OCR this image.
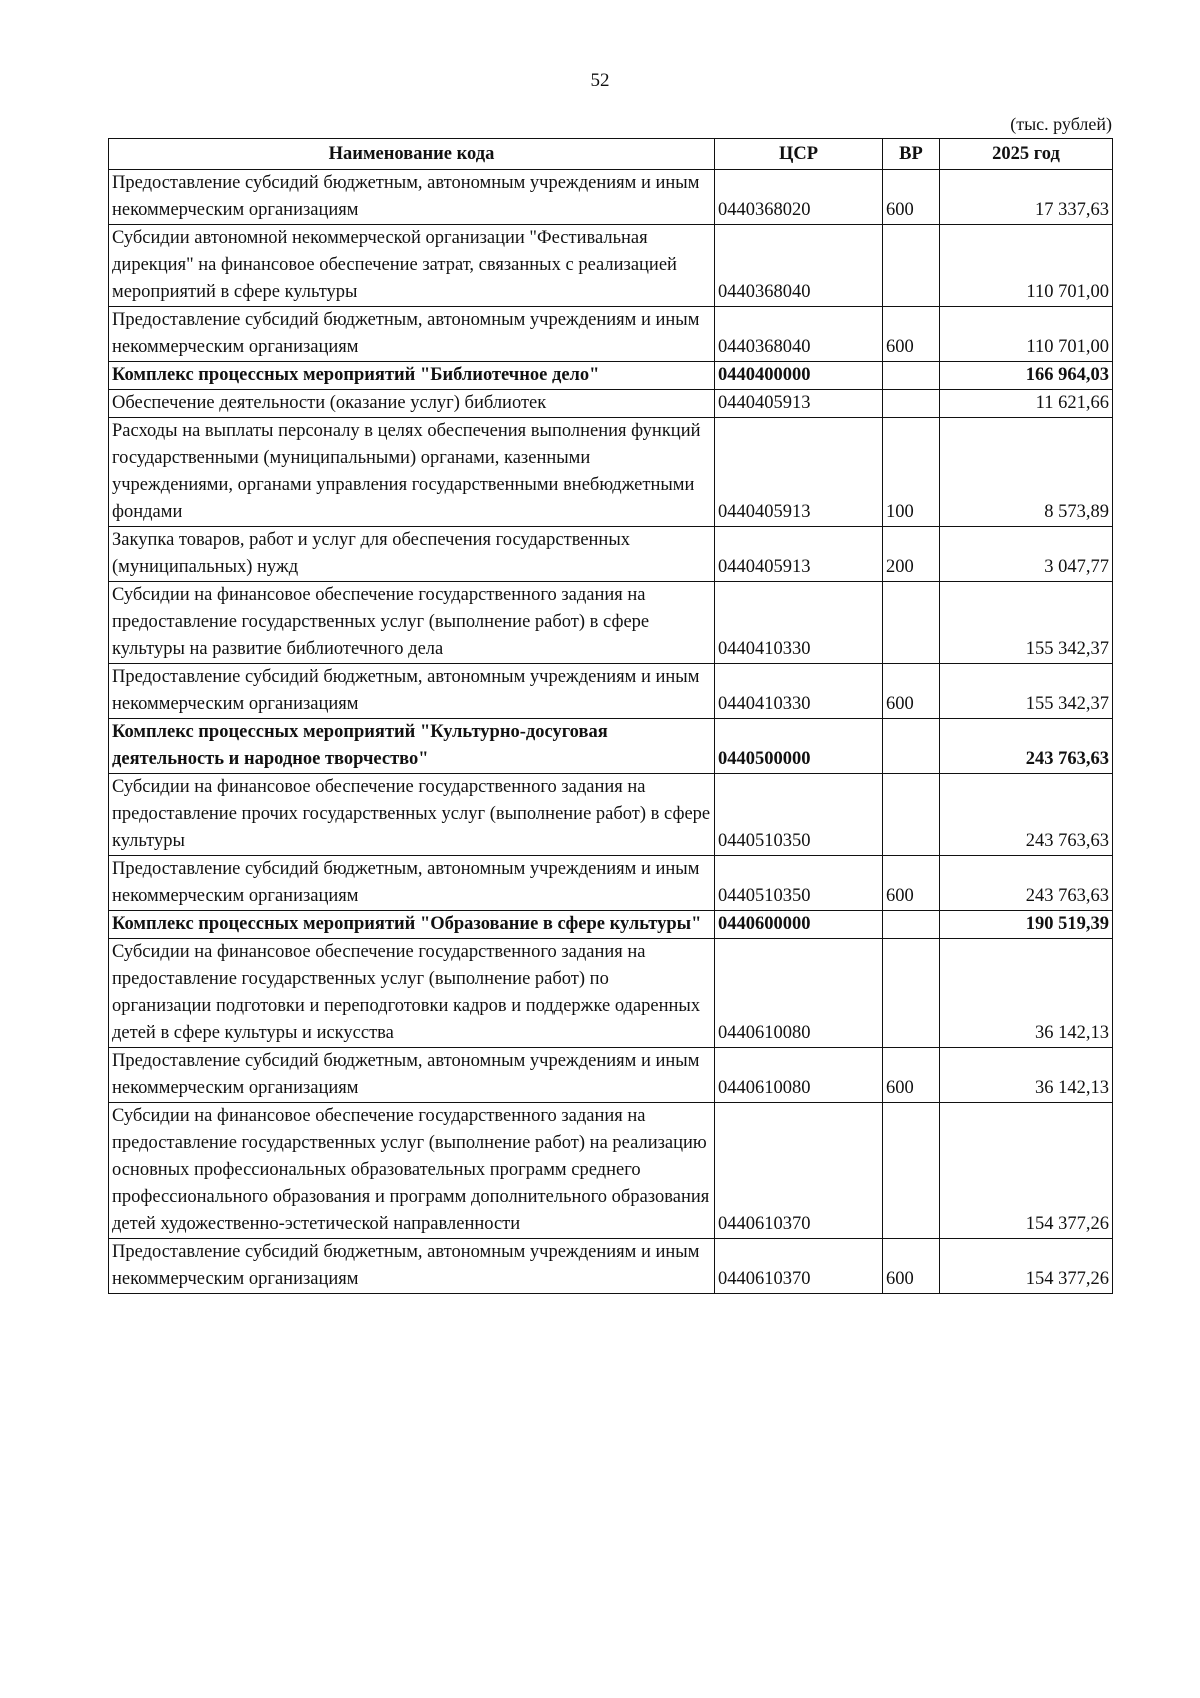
52
(тыс. рублей)
Наименование кода	ЦСР	ВР	2025 год
Предоставление субсидий бюджетным, автономным учреждениям и иным некоммерческим организациям	0440368020	600	17 337,63
Субсидии автономной некоммерческой организации "Фестивальная дирекция" на финансовое обеспечение затрат, связанных с реализацией мероприятий в сфере культуры	0440368040		110 701,00
Предоставление субсидий бюджетным, автономным учреждениям и иным некоммерческим организациям	0440368040	600	110 701,00
Комплекс процессных мероприятий "Библиотечное дело"	0440400000		166 964,03
Обеспечение деятельности (оказание услуг) библиотек	0440405913		11 621,66
Расходы на выплаты персоналу в целях обеспечения выполнения функций государственными (муниципальными) органами, казенными учреждениями, органами управления государственными внебюджетными фондами	0440405913	100	8 573,89
Закупка товаров, работ и услуг для обеспечения государственных (муниципальных) нужд	0440405913	200	3 047,77
Субсидии на финансовое обеспечение государственного задания на предоставление государственных услуг (выполнение работ) в сфере культуры на развитие библиотечного дела	0440410330		155 342,37
Предоставление субсидий бюджетным, автономным учреждениям и иным некоммерческим организациям	0440410330	600	155 342,37
Комплекс процессных мероприятий "Культурно-досуговая деятельность и народное творчество"	0440500000		243 763,63
Субсидии на финансовое обеспечение государственного задания на предоставление прочих государственных услуг (выполнение работ) в сфере культуры	0440510350		243 763,63
Предоставление субсидий бюджетным, автономным учреждениям и иным некоммерческим организациям	0440510350	600	243 763,63
Комплекс процессных мероприятий "Образование в сфере культуры"	0440600000		190 519,39
Субсидии на финансовое обеспечение государственного задания на предоставление государственных услуг (выполнение работ) по организации подготовки и переподготовки кадров и поддержке одаренных детей в сфере культуры и искусства	0440610080		36 142,13
Предоставление субсидий бюджетным, автономным учреждениям и иным некоммерческим организациям	0440610080	600	36 142,13
Субсидии на финансовое обеспечение государственного задания на предоставление государственных услуг (выполнение работ) на реализацию основных профессиональных образовательных программ среднего профессионального образования и программ дополнительного образования детей художественно-эстетической направленности	0440610370		154 377,26
Предоставление субсидий бюджетным, автономным учреждениям и иным некоммерческим организациям	0440610370	600	154 377,26
